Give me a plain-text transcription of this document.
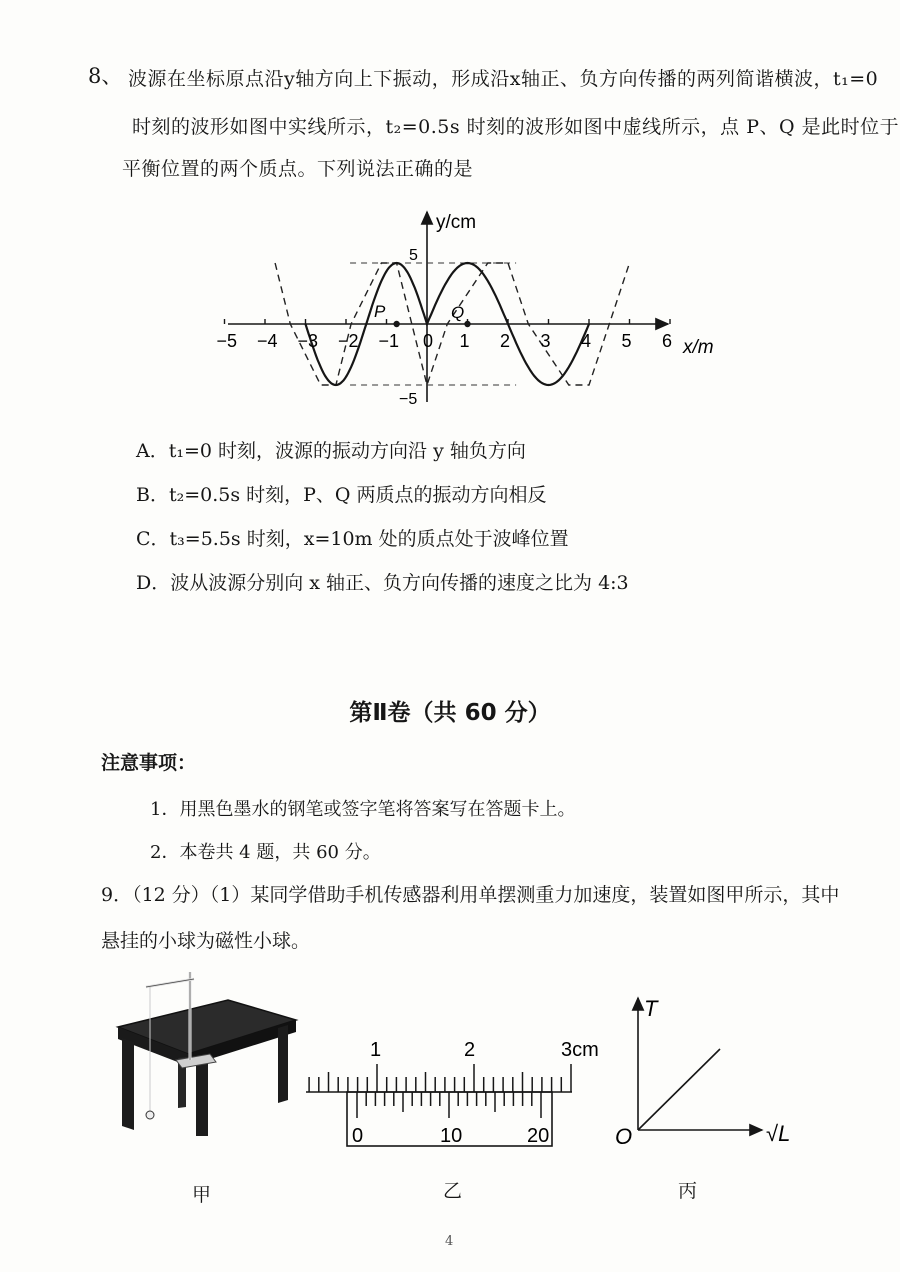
8、 波源在坐标原点沿y轴方向上下振动，形成沿x轴正、负方向传播的两列简谐横波，t₁=0
时刻的波形如图中实线所示，t₂=0.5s 时刻的波形如图中虚线所示，点 P、Q 是此时位于
平衡位置的两个质点。下列说法正确的是
P	Q
y/cm
x/m
5
−5
−5 −4 −3 −2 −1 0 1 2 3 4 5 6
A．t₁=0 时刻，波源的振动方向沿 y 轴负方向
B．t₂=0.5s 时刻，P、Q 两质点的振动方向相反
C．t₃=5.5s 时刻，x=10m 处的质点处于波峰位置
D．波从波源分别向 x 轴正、负方向传播的速度之比为 4:3
第Ⅱ卷（共 60 分）
注意事项：
1．用黑色墨水的钢笔或签字笔将答案写在答题卡上。
2．本卷共 4 题，共 60 分。
9．（12 分）（1）某同学借助手机传感器利用单摆测重力加速度，装置如图甲所示，其中
悬挂的小球为磁性小球。
1	2	3cm
0	10	20
T
O	√L
甲	乙	丙
4
